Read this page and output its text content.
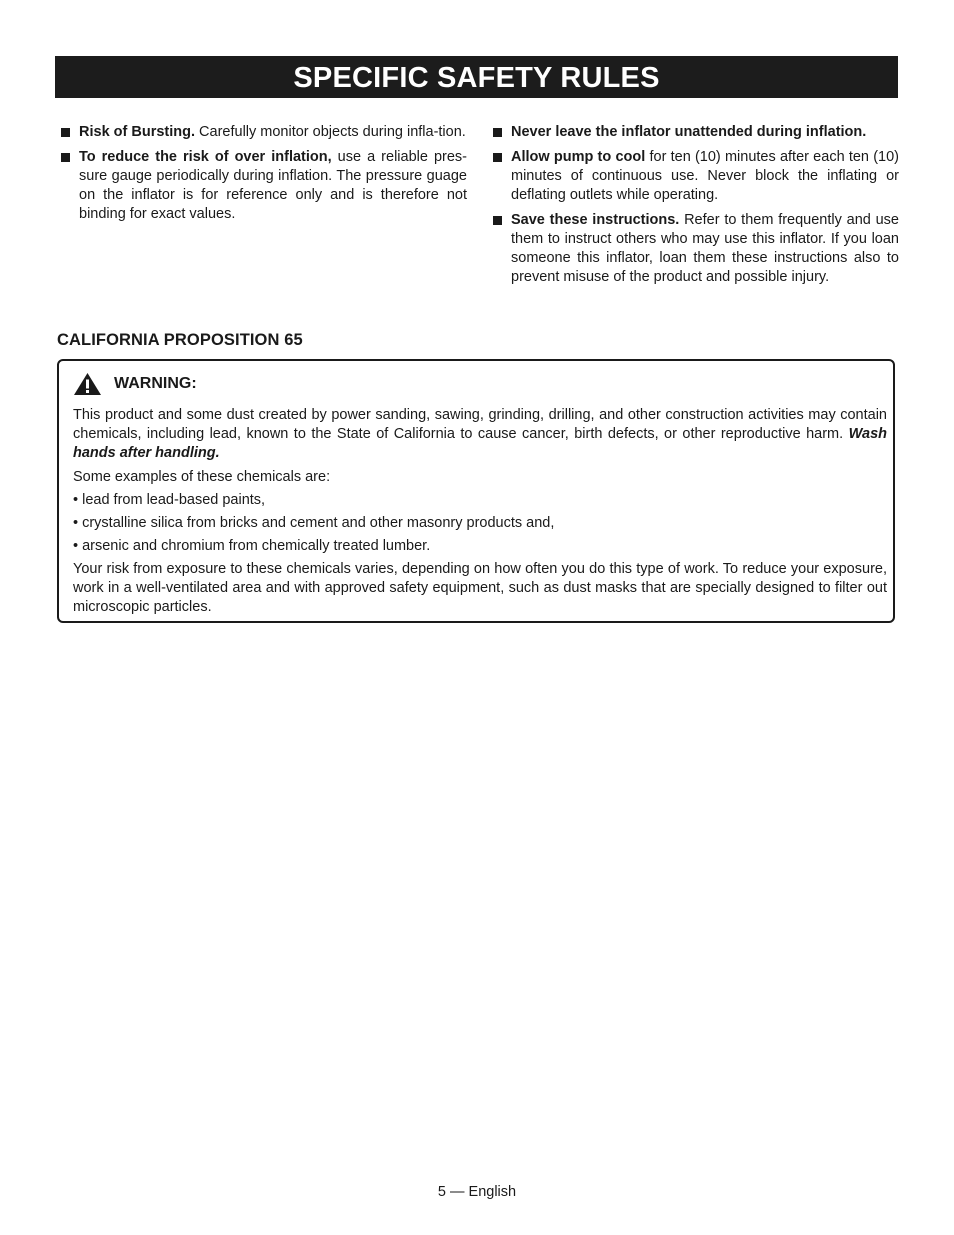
SPECIFIC SAFETY RULES
Risk of Bursting. Carefully monitor objects during infla-tion.
To reduce the risk of over inflation, use a reliable pres-sure gauge periodically during inflation. The pressure guage on the inflator is for reference only and is therefore not binding for exact values.
Never leave the inflator unattended during inflation.
Allow pump to cool for ten (10) minutes after each ten (10) minutes of continuous use. Never block the inflating or deflating outlets while operating.
Save these instructions. Refer to them frequently and use them to instruct others who may use this inflator. If you loan someone this inflator, loan them these instructions also to prevent misuse of the product and possible injury.
CALIFORNIA PROPOSITION 65
WARNING:

This product and some dust created by power sanding, sawing, grinding, drilling, and other construction activities may contain chemicals, including lead, known to the State of California to cause cancer, birth defects, or other reproductive harm. Wash hands after handling.

Some examples of these chemicals are:

• lead from lead-based paints,
• crystalline silica from bricks and cement and other masonry products and,
• arsenic and chromium from chemically treated lumber.

Your risk from exposure to these chemicals varies, depending on how often you do this type of work. To reduce your exposure, work in a well-ventilated area and with approved safety equipment, such as dust masks that are specially designed to filter out microscopic particles.

5 — English
